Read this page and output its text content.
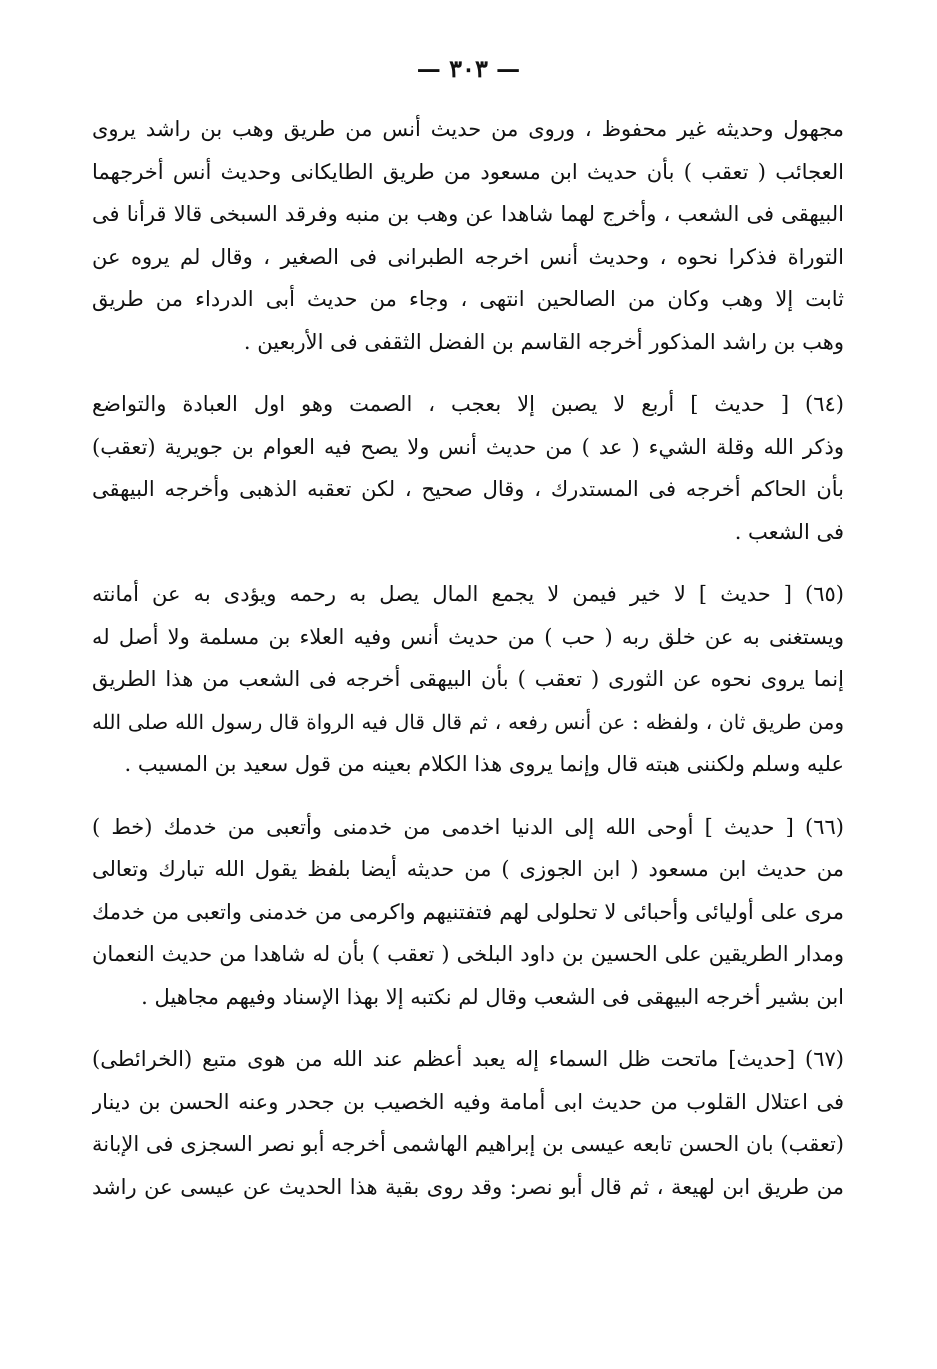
— ٣٠٣ —
مجهول وحديثه غير محفوظ ، وروى من حديث أنس من طريق وهب بن راشد يروى
العجائب ( تعقب ) بأن حديث ابن مسعود من طريق الطايكانى وحديث أنس أخرجهما
البيهقى فى الشعب ، وأخرج لهما شاهدا عن وهب بن منبه وفرقد السبخى قالا قرأنا فى
التوراة فذكرا نحوه ، وحديث أنس اخرجه الطبرانى فى الصغير ، وقال لم يروه عن
ثابت إلا وهب وكان من الصالحين انتهى ، وجاء من حديث أبى الدرداء من طريق
وهب بن راشد المذكور أخرجه القاسم بن الفضل الثقفى فى الأربعين .
(٦٤) [ حديث ] أربع لا يصبن إلا بعجب ، الصمت وهو اول العبادة والتواضع
وذكر الله وقلة الشيء ( عد ) من حديث أنس ولا يصح فيه العوام بن جويرية (تعقب)
بأن الحاكم أخرجه فى المستدرك ، وقال صحيح ، لكن تعقبه الذهبى وأخرجه البيهقى
فى الشعب .
(٦٥) [ حديث ] لا خير فيمن لا يجمع المال يصل به رحمه ويؤدى به عن أمانته
ويستغنى به عن خلق ربه ( حب ) من حديث أنس وفيه العلاء بن مسلمة ولا أصل له
إنما يروى نحوه عن الثورى ( تعقب ) بأن البيهقى أخرجه فى الشعب من هذا الطريق
ومن طريق ثان ، ولفظه : عن أنس رفعه ، ثم قال قال فيه الرواة قال رسول الله صلى الله
عليه وسلم ولكننى هبته قال وإنما يروى هذا الكلام بعينه من قول سعيد بن المسيب .
(٦٦) [ حديث ] أوحى الله إلى الدنيا اخدمى من خدمنى وأتعبى من خدمك (خط )
من حديث ابن مسعود ( ابن الجوزى ) من حديثه أيضا بلفظ يقول الله تبارك وتعالى
مرى على أوليائى وأحبائى لا تحلولى لهم فتفتنيهم واكرمى من خدمنى واتعبى من خدمك
ومدار الطريقين على الحسين بن داود البلخى ( تعقب ) بأن له شاهدا من حديث النعمان
ابن بشير أخرجه البيهقى فى الشعب وقال لم نكتبه إلا بهذا الإسناد وفيهم مجاهيل .
(٦٧) [حديث] ماتحت ظل السماء إله يعبد أعظم عند الله من هوى متبع (الخرائطى)
فى اعتلال القلوب من حديث ابى أمامة وفيه الخصيب بن جحدر وعنه الحسن بن دينار
(تعقب) بان الحسن تابعه عيسى بن إبراهيم الهاشمى أخرجه أبو نصر السجزى فى الإبانة
من طريق ابن لهيعة ، ثم قال أبو نصر: وقد روى بقية هذا الحديث عن عيسى عن راشد
